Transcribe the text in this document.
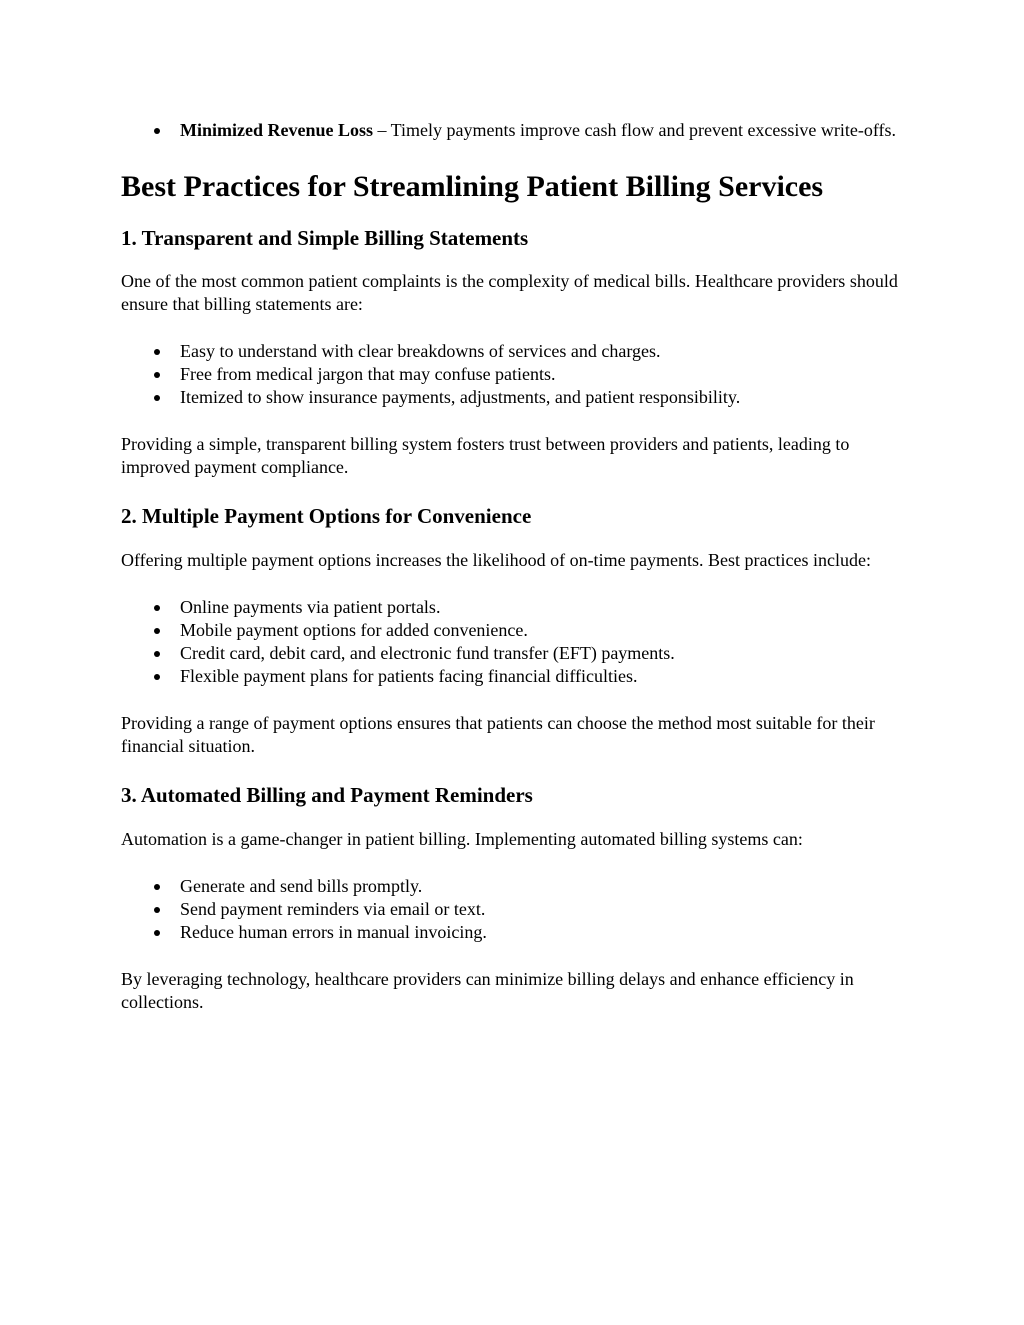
Minimized Revenue Loss – Timely payments improve cash flow and prevent excessive write-offs.
Best Practices for Streamlining Patient Billing Services
1. Transparent and Simple Billing Statements

One of the most common patient complaints is the complexity of medical bills. Healthcare providers should ensure that billing statements are:

Easy to understand with clear breakdowns of services and charges.
Free from medical jargon that may confuse patients.
Itemized to show insurance payments, adjustments, and patient responsibility.

Providing a simple, transparent billing system fosters trust between providers and patients, leading to improved payment compliance.

2. Multiple Payment Options for Convenience

Offering multiple payment options increases the likelihood of on-time payments. Best practices include:

Online payments via patient portals.
Mobile payment options for added convenience.
Credit card, debit card, and electronic fund transfer (EFT) payments.
Flexible payment plans for patients facing financial difficulties.

Providing a range of payment options ensures that patients can choose the method most suitable for their financial situation.

3. Automated Billing and Payment Reminders

Automation is a game-changer in patient billing. Implementing automated billing systems can:

Generate and send bills promptly.
Send payment reminders via email or text.
Reduce human errors in manual invoicing.

By leveraging technology, healthcare providers can minimize billing delays and enhance efficiency in collections.
